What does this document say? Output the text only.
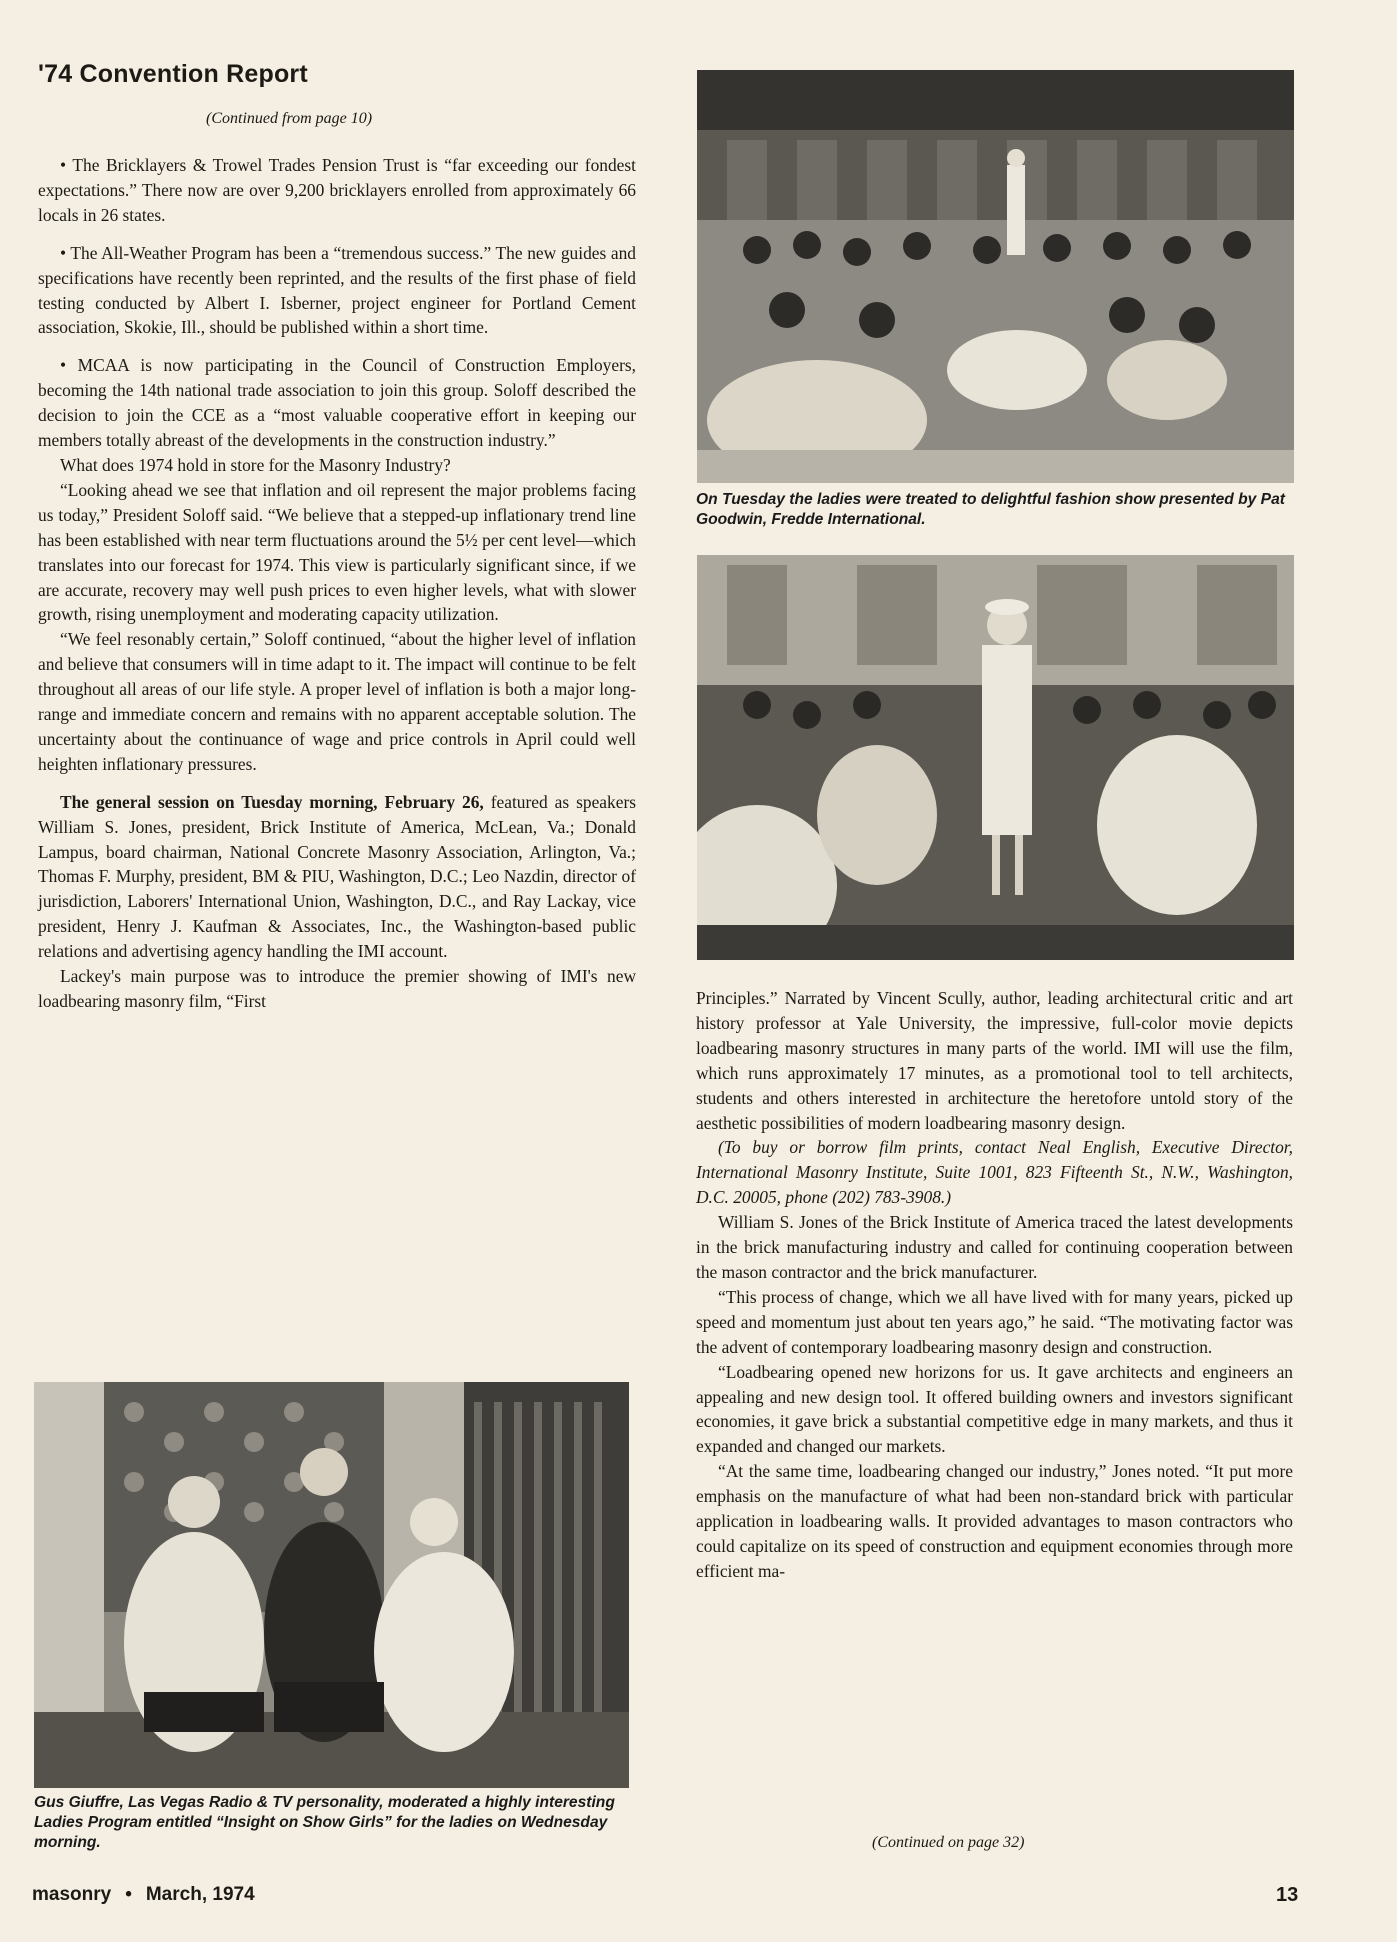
'74 Convention Report
(Continued from page 10)

• The Bricklayers & Trowel Trades Pension Trust is “far exceeding our fondest expectations.” There now are over 9,200 bricklayers enrolled from approximately 66 locals in 26 states.

• The All-Weather Program has been a “tremendous success.” The new guides and specifications have recently been reprinted, and the results of the first phase of field testing conducted by Albert I. Isberner, project engineer for Portland Cement association, Skokie, Ill., should be published within a short time.

• MCAA is now participating in the Council of Construction Employers, becoming the 14th national trade association to join this group. Soloff described the decision to join the CCE as a “most valuable cooperative effort in keeping our members totally abreast of the developments in the construction industry.”

What does 1974 hold in store for the Masonry Industry?

“Looking ahead we see that inflation and oil represent the major problems facing us today,” President Soloff said. “We believe that a stepped-up inflationary trend line has been established with near term fluctuations around the 5½ per cent level—which translates into our forecast for 1974. This view is particularly significant since, if we are accurate, recovery may well push prices to even higher levels, what with slower growth, rising unemployment and moderating capacity utilization.

“We feel resonably certain,” Soloff continued, “about the higher level of inflation and believe that consumers will in time adapt to it. The impact will continue to be felt throughout all areas of our life style. A proper level of inflation is both a major long-range and immediate concern and remains with no apparent acceptable solution. The uncertainty about the continuance of wage and price controls in April could well heighten inflationary pressures.

The general session on Tuesday morning, February 26, featured as speakers William S. Jones, president, Brick Institute of America, McLean, Va.; Donald Lampus, board chairman, National Concrete Masonry Association, Arlington, Va.; Thomas F. Murphy, president, BM & PIU, Washington, D.C.; Leo Nazdin, director of jurisdiction, Laborers' International Union, Washington, D.C., and Ray Lackay, vice president, Henry J. Kaufman & Associates, Inc., the Washington-based public relations and advertising agency handling the IMI account.

Lackey's main purpose was to introduce the premier showing of IMI's new loadbearing masonry film, “First

Gus Giuffre, Las Vegas Radio & TV personality, moderated a highly interesting Ladies Program entitled “Insight on Show Girls” for the ladies on Wednesday morning.
On Tuesday the ladies were treated to delightful fashion show presented by Pat Goodwin, Fredde International.

Principles.” Narrated by Vincent Scully, author, leading architectural critic and art history professor at Yale University, the impressive, full-color movie depicts loadbearing masonry structures in many parts of the world. IMI will use the film, which runs approximately 17 minutes, as a promotional tool to tell architects, students and others interested in architecture the heretofore untold story of the aesthetic possibilities of modern loadbearing masonry design.

(To buy or borrow film prints, contact Neal English, Executive Director, International Masonry Institute, Suite 1001, 823 Fifteenth St., N.W., Washington, D.C. 20005, phone (202) 783-3908.)

William S. Jones of the Brick Institute of America traced the latest developments in the brick manufacturing industry and called for continuing cooperation between the mason contractor and the brick manufacturer.

“This process of change, which we all have lived with for many years, picked up speed and momentum just about ten years ago,” he said. “The motivating factor was the advent of contemporary loadbearing masonry design and construction.

“Loadbearing opened new horizons for us. It gave architects and engineers an appealing and new design tool. It offered building owners and investors significant economies, it gave brick a substantial competitive edge in many markets, and thus it expanded and changed our markets.

“At the same time, loadbearing changed our industry,” Jones noted. “It put more emphasis on the manufacture of what had been non-standard brick with particular application in loadbearing walls. It provided advantages to mason contractors who could capitalize on its speed of construction and equipment economies through more efficient ma-

(Continued on page 32)
masonry • March, 1974	13
